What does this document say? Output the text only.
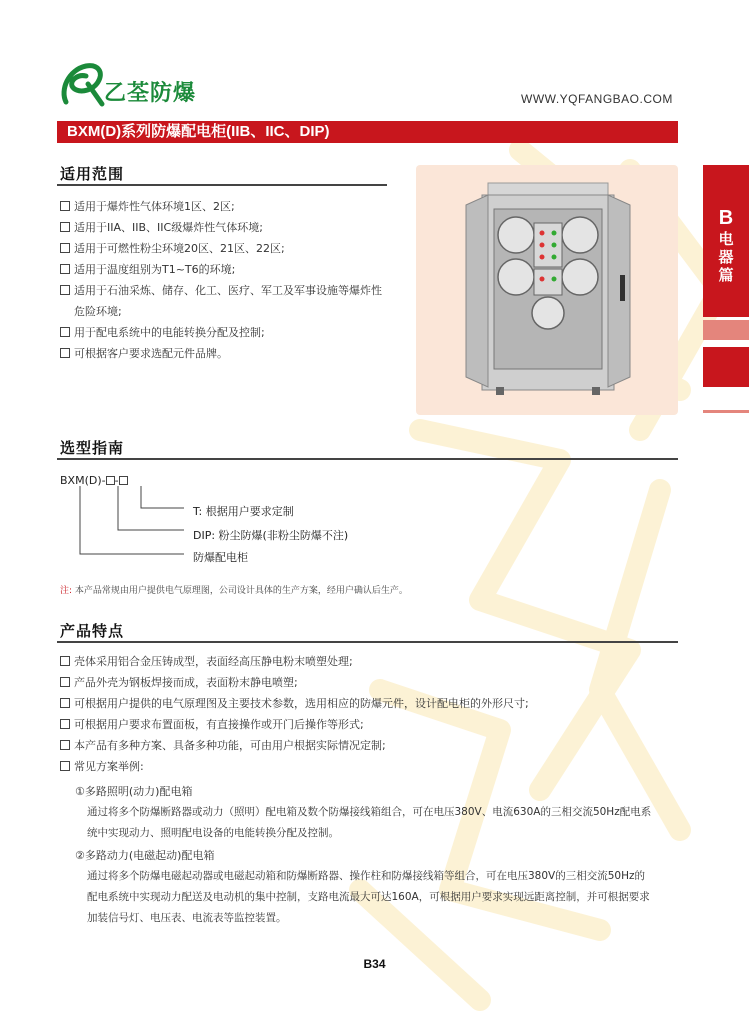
乙荃防爆	WWW.YQFANGBAO.COM
BXM(D)系列防爆配电柜(IIB、IIC、DIP)
适用范围
适用于爆炸性气体环境1区、2区;
适用于IIA、IIB、IIC级爆炸性气体环境;
适用于可燃性粉尘环境20区、21区、22区;
适用于温度组别为T1~T6的环境;
适用于石油采炼、储存、化工、医疗、军工及军事设施等爆炸性
危险环境;
用于配电系统中的电能转换分配及控制;
可根据客户要求选配元件品牌。
B
电
器
篇
选型指南
BXM(D)- -
T: 根据用户要求定制
DIP: 粉尘防爆(非粉尘防爆不注)
防爆配电柜
注: 本产品常规由用户提供电气原理图，公司设计具体的生产方案，经用户确认后生产。
产品特点
壳体采用铝合金压铸成型，表面经高压静电粉末喷塑处理;
产品外壳为钢板焊接而成，表面粉末静电喷塑;
可根据用户提供的电气原理图及主要技术参数，选用相应的防爆元件，设计配电柜的外形尺寸;
可根据用户要求布置面板，有直接操作或开门后操作等形式;
本产品有多种方案、具备多种功能，可由用户根据实际情况定制;
常见方案举例:
①多路照明(动力)配电箱
通过将多个防爆断路器或动力（照明）配电箱及数个防爆接线箱组合，可在电压380V、电流630A的三相交流50Hz配电系
统中实现动力、照明配电设备的电能转换分配及控制。
②多路动力(电磁起动)配电箱
通过将多个防爆电磁起动器或电磁起动箱和防爆断路器、操作柱和防爆接线箱等组合，可在电压380V的三相交流50Hz的
配电系统中实现动力配送及电动机的集中控制，支路电流最大可达160A，可根据用户要求实现远距离控制，并可根据要求
加装信号灯、电压表、电流表等监控装置。
B34
